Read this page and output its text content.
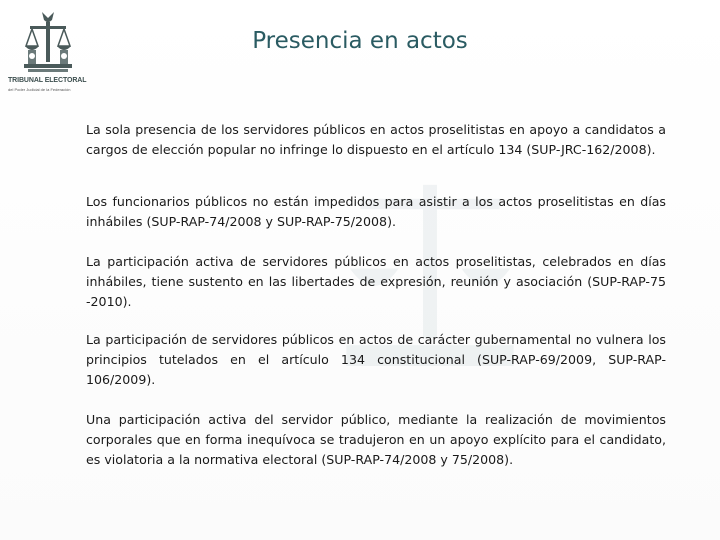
TRIBUNAL ELECTORAL
del Poder Judicial de la Federación
Presencia en actos

La sola presencia de los servidores públicos en actos proselitistas en apoyo a candidatos a cargos de elección popular no infringe lo dispuesto en el artículo 134 (SUP-JRC-162/2008).

Los funcionarios públicos no están impedidos para asistir a los actos proselitistas en días inhábiles (SUP-RAP-74/2008 y SUP-RAP-75/2008).

La participación activa de servidores públicos en actos proselitistas, celebrados en días inhábiles, tiene sustento en las libertades de expresión, reunión y asociación (SUP-RAP-75 -2010).

La participación de servidores públicos en actos de carácter gubernamental no vulnera los principios tutelados en el artículo 134 constitucional (SUP-RAP-69/2009, SUP-RAP-106/2009).

Una participación activa del servidor público, mediante la realización de movimientos corporales que en forma inequívoca se tradujeron en un apoyo explícito para el candidato, es violatoria a la normativa electoral (SUP-RAP-74/2008 y 75/2008).
